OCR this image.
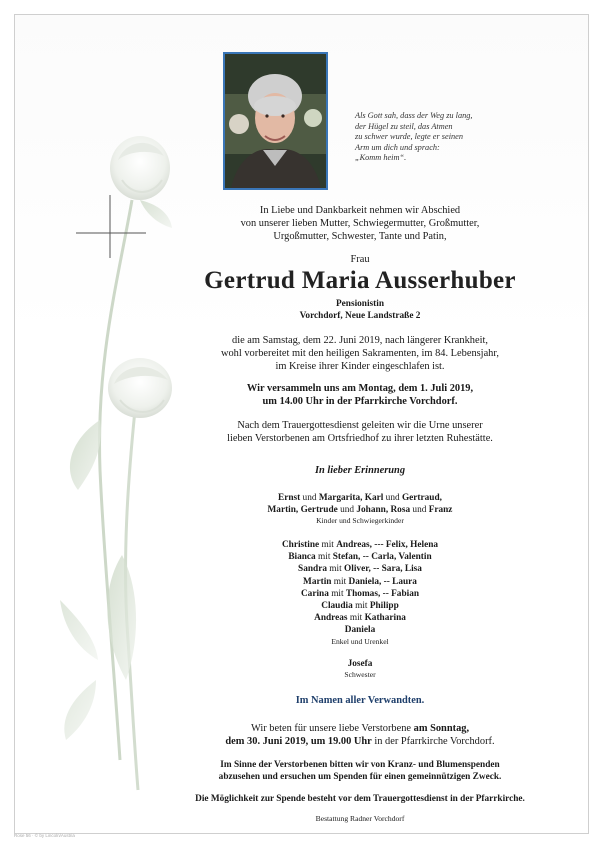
Als Gott sah, dass der Weg zu lang,
der Hügel zu steil, das Atmen
zu schwer wurde, legte er seinen
Arm um dich und sprach:
„Komm heim“.
In Liebe und Dankbarkeit nehmen wir Abschied
von unserer lieben Mutter, Schwiegermutter, Großmutter,
Urgoßmutter, Schwester, Tante und Patin,
Frau
Gertrud Maria Ausserhuber
Pensionistin
Vorchdorf, Neue Landstraße 2
die am Samstag, dem 22. Juni 2019, nach längerer Krankheit,
wohl vorbereitet mit den heiligen Sakramenten, im 84. Lebensjahr,
im Kreise ihrer Kinder eingeschlafen ist.
Wir versammeln uns am Montag, dem 1. Juli 2019,
um 14.00 Uhr in der Pfarrkirche Vorchdorf.
Nach dem Trauergottesdienst geleiten wir die Urne unserer
lieben Verstorbenen am Ortsfriedhof zu ihrer letzten Ruhestätte.
In lieber Erinnerung
Ernst und Margarita, Karl und Gertraud,
Martin, Gertrude und Johann, Rosa und Franz
Kinder und Schwiegerkinder
Christine mit Andreas, --- Felix, Helena
Bianca mit Stefan, -- Carla, Valentin
Sandra mit Oliver, -- Sara, Lisa
Martin mit Daniela, -- Laura
Carina mit Thomas, -- Fabian
Claudia mit Philipp
Andreas mit Katharina
Daniela
Enkel und Urenkel
Josefa
Schwester
Im Namen aller Verwandten.
Wir beten für unsere liebe Verstorbene am Sonntag,
dem 30. Juni 2019, um 19.00 Uhr in der Pfarrkirche Vorchdorf.
Im Sinne der Verstorbenen bitten wir von Kranz- und Blumenspenden
abzusehen und ersuchen um Spenden für einen gemeinnützigen Zweck.
Die Möglichkeit zur Spende besteht vor dem Trauergottesdienst in der Pfarrkirche.
Bestattung Radner Vorchdorf
Rose 56 · © by Lincoln/Austria
